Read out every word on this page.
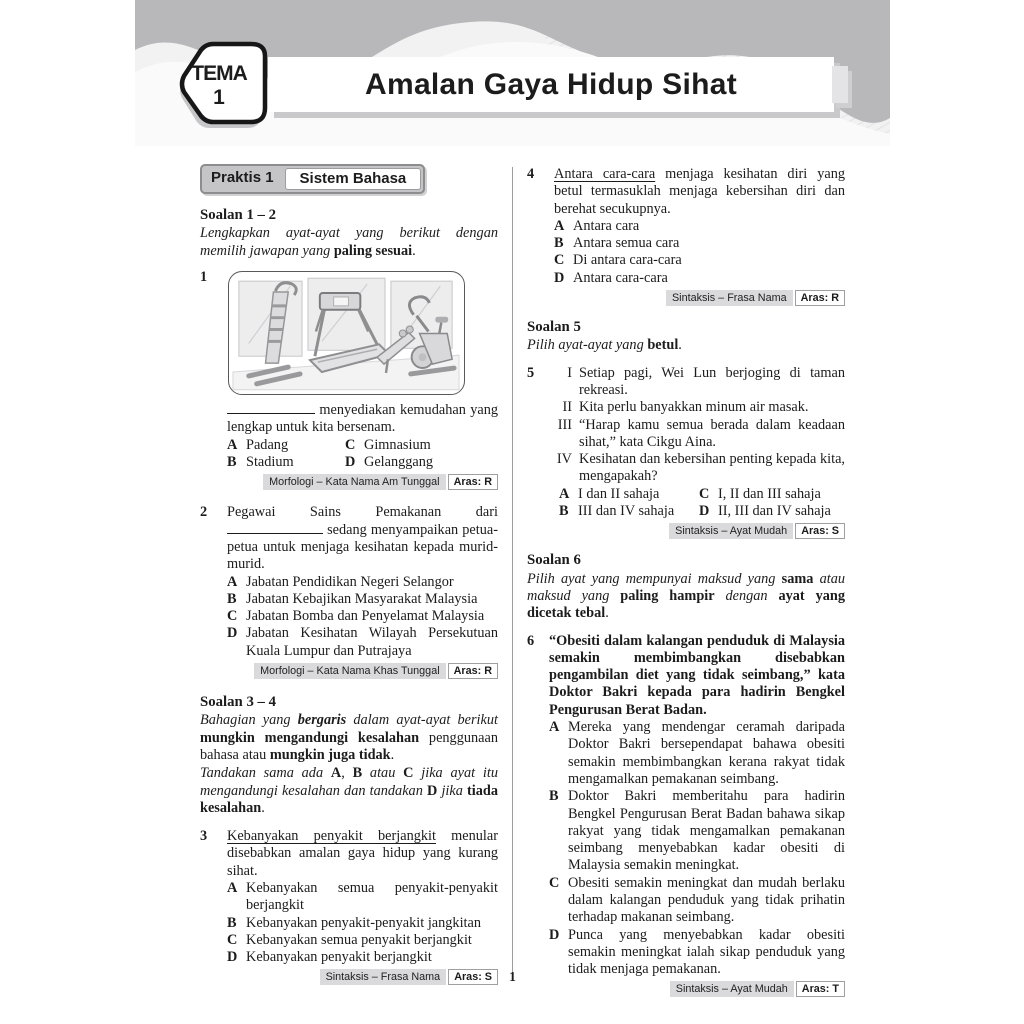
TEMA
1	Amalan Gaya Hidup Sihat
Praktis 1	Sistem Bahasa
Soalan 1 – 2

Lengkapkan ayat-ayat yang berikut dengan memilih jawapan yang paling sesuai.

1

menyediakan kemudahan yang lengkap untuk kita bersenam.

A Padang	C Gimnasium
B Stadium	D Gelanggang
Morfologi – Kata Nama Am Tunggal	Aras: R
2	Pegawai Sains Pemakanan dari  sedang menyampaikan petua-petua untuk menjaga kesihatan kepada murid-murid.

A Jabatan Pendidikan Negeri Selangor
B Jabatan Kebajikan Masyarakat Malaysia
C Jabatan Bomba dan Penyelamat Malaysia
D Jabatan Kesihatan Wilayah Persekutuan Kuala Lumpur dan Putrajaya
Morfologi – Kata Nama Khas Tunggal	Aras: R
Soalan 3 – 4

Bahagian yang bergaris dalam ayat-ayat berikut mungkin mengandungi kesalahan penggunaan bahasa atau mungkin juga tidak.

Tandakan sama ada A, B atau C jika ayat itu mengandungi kesalahan dan tandakan D jika tiada kesalahan.

3	Kebanyakan penyakit berjangkit menular disebabkan amalan gaya hidup yang kurang sihat.

A Kebanyakan semua penyakit-penyakit berjangkit
B Kebanyakan penyakit-penyakit jangkitan
C Kebanyakan semua penyakit berjangkit
D Kebanyakan penyakit berjangkit
Sintaksis – Frasa Nama	Aras: S
4	Antara cara-cara menjaga kesihatan diri yang betul termasuklah menjaga kebersihan diri dan berehat secukupnya.

A Antara cara
B Antara semua cara
C Di antara cara-cara
D Antara cara-cara
Sintaksis – Frasa Nama	Aras: R
Soalan 5

Pilih ayat-ayat yang betul.

5	I Setiap pagi, Wei Lun berjoging di taman rekreasi.
II Kita perlu banyakkan minum air masak.
III “Harap kamu semua berada dalam keadaan sihat,” kata Cikgu Aina.
IV Kesihatan dan kebersihan penting kepada kita, mengapakah?
A I dan II sahaja	C I, II dan III sahaja
B III dan IV sahaja	D II, III dan IV sahaja
Sintaksis – Ayat Mudah	Aras: S
Soalan 6

Pilih ayat yang mempunyai maksud yang sama atau maksud yang paling hampir dengan ayat yang dicetak tebal.

6	“Obesiti dalam kalangan penduduk di Malaysia semakin membimbangkan disebabkan pengambilan diet yang tidak seimbang,” kata Doktor Bakri kepada para hadirin Bengkel Pengurusan Berat Badan.

A Mereka yang mendengar ceramah daripada Doktor Bakri bersependapat bahawa obesiti semakin membimbangkan kerana rakyat tidak mengamalkan pemakanan seimbang.
B Doktor Bakri memberitahu para hadirin Bengkel Pengurusan Berat Badan bahawa sikap rakyat yang tidak mengamalkan pemakanan seimbang menyebabkan kadar obesiti di Malaysia semakin meningkat.
C Obesiti semakin meningkat dan mudah berlaku dalam kalangan penduduk yang tidak prihatin terhadap makanan seimbang.
D Punca yang menyebabkan kadar obesiti semakin meningkat ialah sikap penduduk yang tidak menjaga pemakanan.
Sintaksis – Ayat Mudah	Aras: T
1
